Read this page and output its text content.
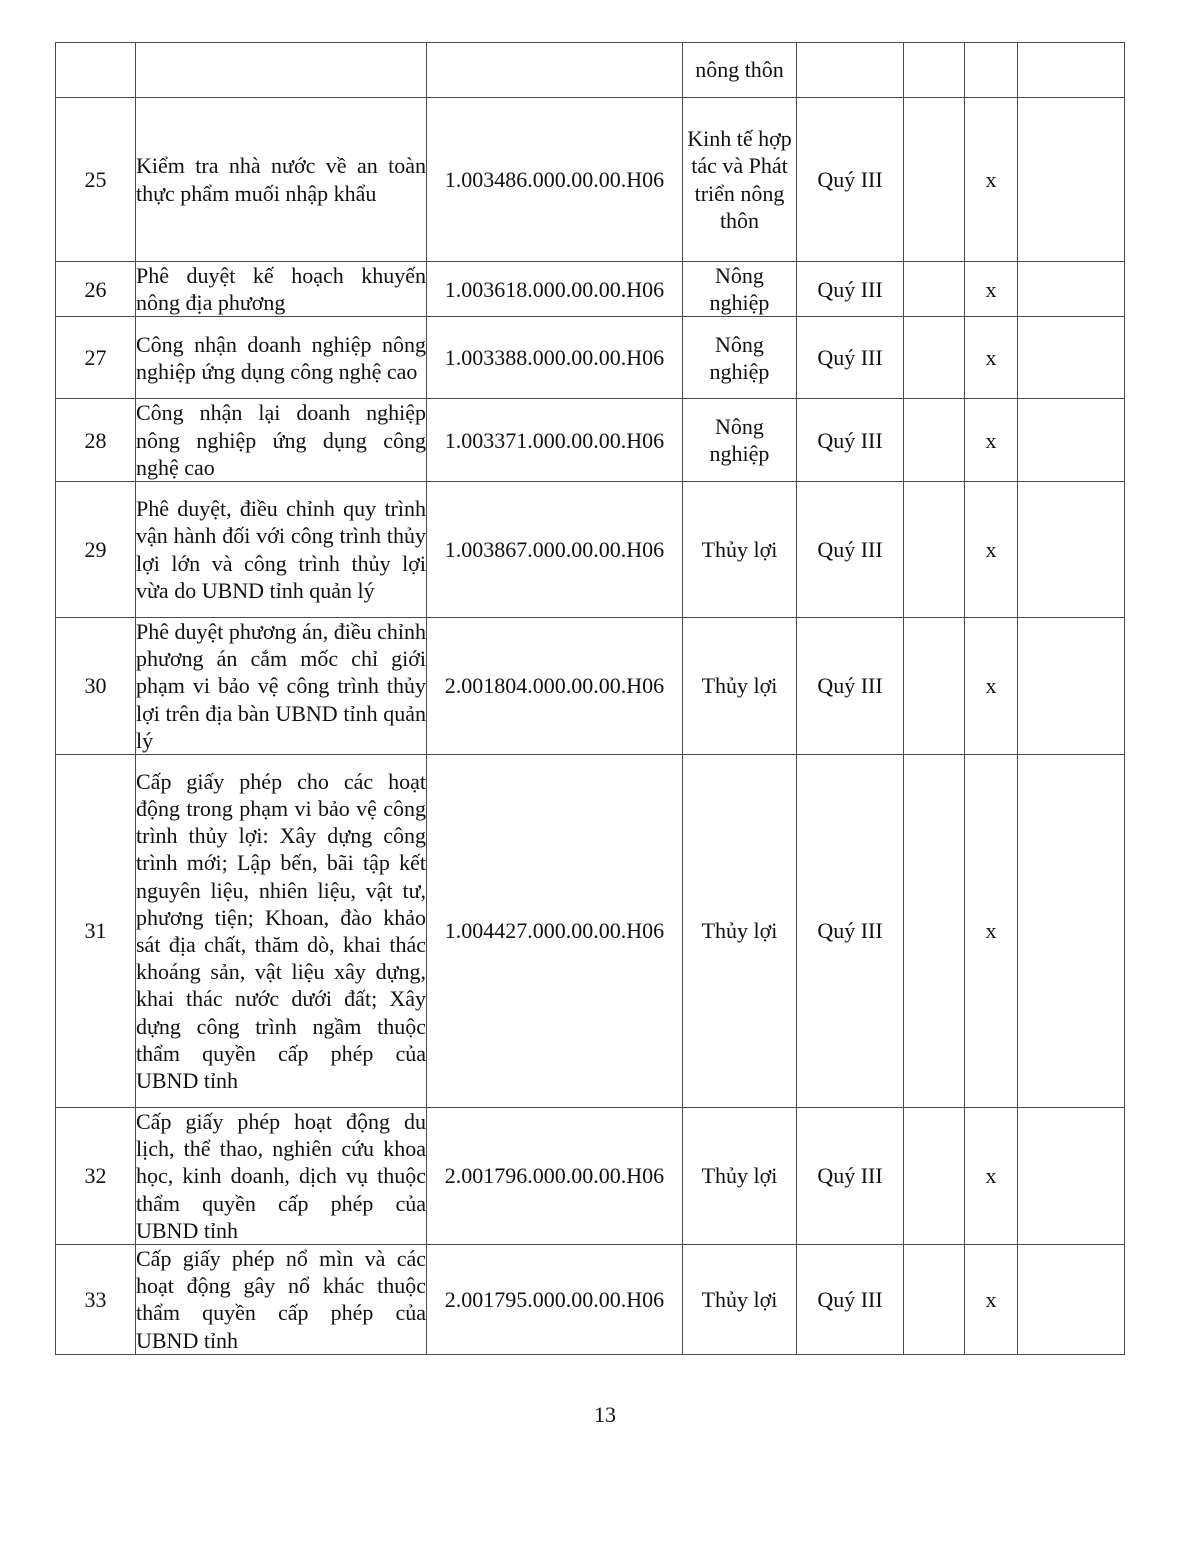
			nông thôn				
25	Kiểm tra nhà nước về an toàn thực phẩm muối nhập khẩu	1.003486.000.00.00.H06	Kinh tế hợp tác và Phát triển nông thôn	Quý III		x	
26	Phê duyệt kế hoạch khuyến nông địa phương	1.003618.000.00.00.H06	Nông nghiệp	Quý III		x	
27	Công nhận doanh nghiệp nông nghiệp ứng dụng công nghệ cao	1.003388.000.00.00.H06	Nông nghiệp	Quý III		x	
28	Công nhận lại doanh nghiệp nông nghiệp ứng dụng công nghệ cao	1.003371.000.00.00.H06	Nông nghiệp	Quý III		x	
29	Phê duyệt, điều chỉnh quy trình vận hành đối với công trình thủy lợi lớn và công trình thủy lợi vừa do UBND tỉnh quản lý	1.003867.000.00.00.H06	Thủy lợi	Quý III		x	
30	Phê duyệt phương án, điều chỉnh phương án cắm mốc chỉ giới phạm vi bảo vệ công trình thủy lợi trên địa bàn UBND tỉnh quản lý	2.001804.000.00.00.H06	Thủy lợi	Quý III		x	
31	Cấp giấy phép cho các hoạt động trong phạm vi bảo vệ công trình thủy lợi: Xây dựng công trình mới; Lập bến, bãi tập kết nguyên liệu, nhiên liệu, vật tư, phương tiện; Khoan, đào khảo sát địa chất, thăm dò, khai thác khoáng sản, vật liệu xây dựng, khai thác nước dưới đất; Xây dựng công trình ngầm thuộc thẩm quyền cấp phép của UBND tỉnh	1.004427.000.00.00.H06	Thủy lợi	Quý III		x	
32	Cấp giấy phép hoạt động du lịch, thể thao, nghiên cứu khoa học, kinh doanh, dịch vụ thuộc thẩm quyền cấp phép của UBND tỉnh	2.001796.000.00.00.H06	Thủy lợi	Quý III		x	
33	Cấp giấy phép nổ mìn và các hoạt động gây nổ khác thuộc thẩm quyền cấp phép của UBND tỉnh	2.001795.000.00.00.H06	Thủy lợi	Quý III		x	
13
